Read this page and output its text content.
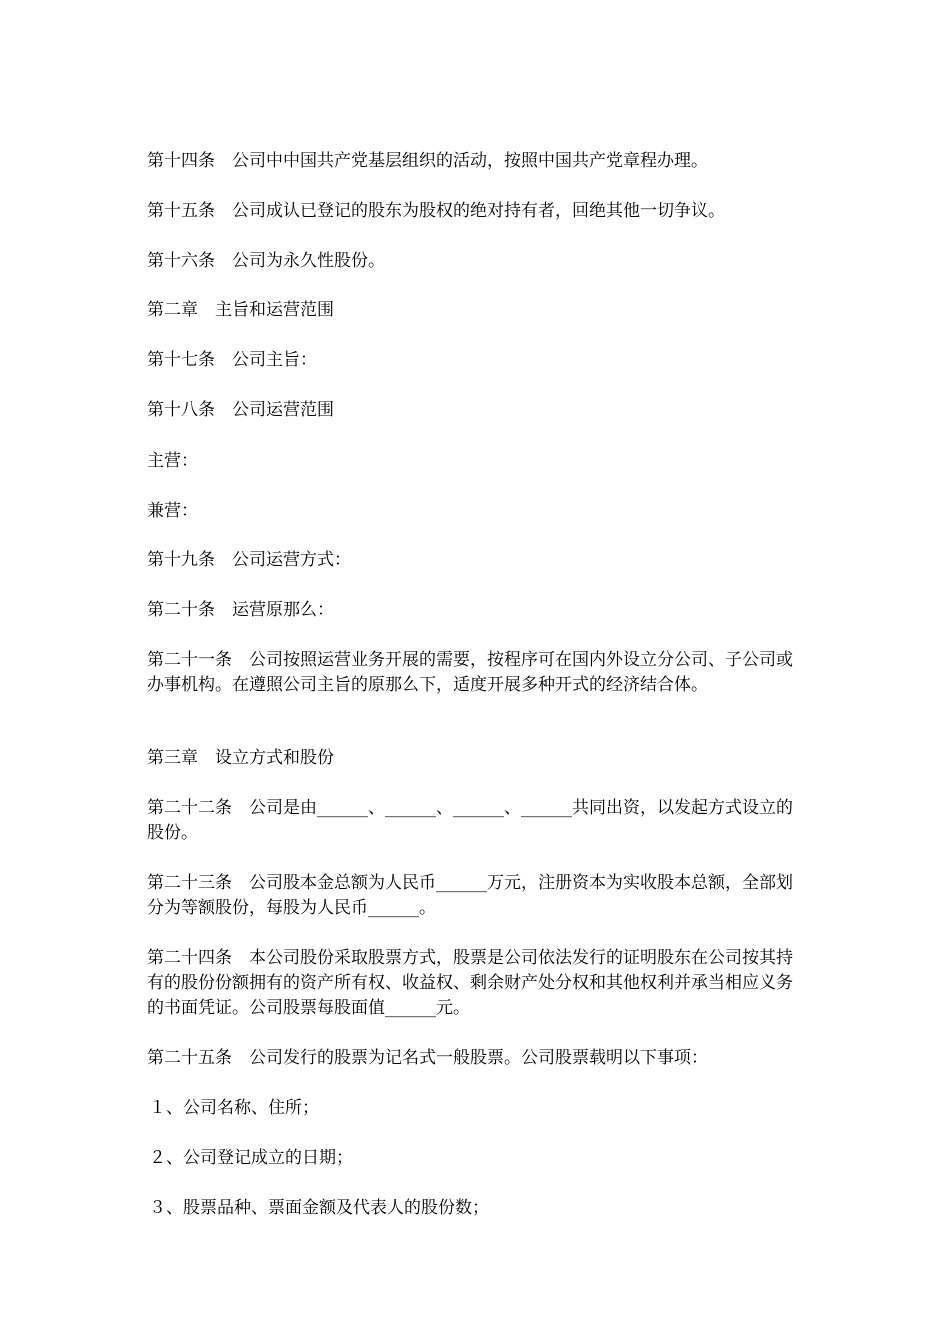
第十四条　公司中中国共产党基层组织的活动，按照中国共产党章程办理。

第十五条　公司成认已登记的股东为股权的绝对持有者，回绝其他一切争议。

第十六条　公司为永久性股份。

第二章　主旨和运营范围

第十七条　公司主旨：

第十八条　公司运营范围

主营：

兼营：

第十九条　公司运营方式：

第二十条　运营原那么：

第二十一条　公司按照运营业务开展的需要，按程序可在国内外设立分公司、子公司或办事机构。在遵照公司主旨的原那么下，适度开展多种开式的经济结合体。

第三章　设立方式和股份

第二十二条　公司是由______、______、______、______共同出资，以发起方式设立的股份。

第二十三条　公司股本金总额为人民币______万元，注册资本为实收股本总额，全部划分为等额股份，每股为人民币______。

第二十四条　本公司股份采取股票方式，股票是公司依法发行的证明股东在公司按其持有的股份份额拥有的资产所有权、收益权、剩余财产处分权和其他权利并承当相应义务的书面凭证。公司股票每股面值______元。

第二十五条　公司发行的股票为记名式一般股票。公司股票载明以下事项：

１、公司名称、住所；

２、公司登记成立的日期；

３、股票品种、票面金额及代表人的股份数；
